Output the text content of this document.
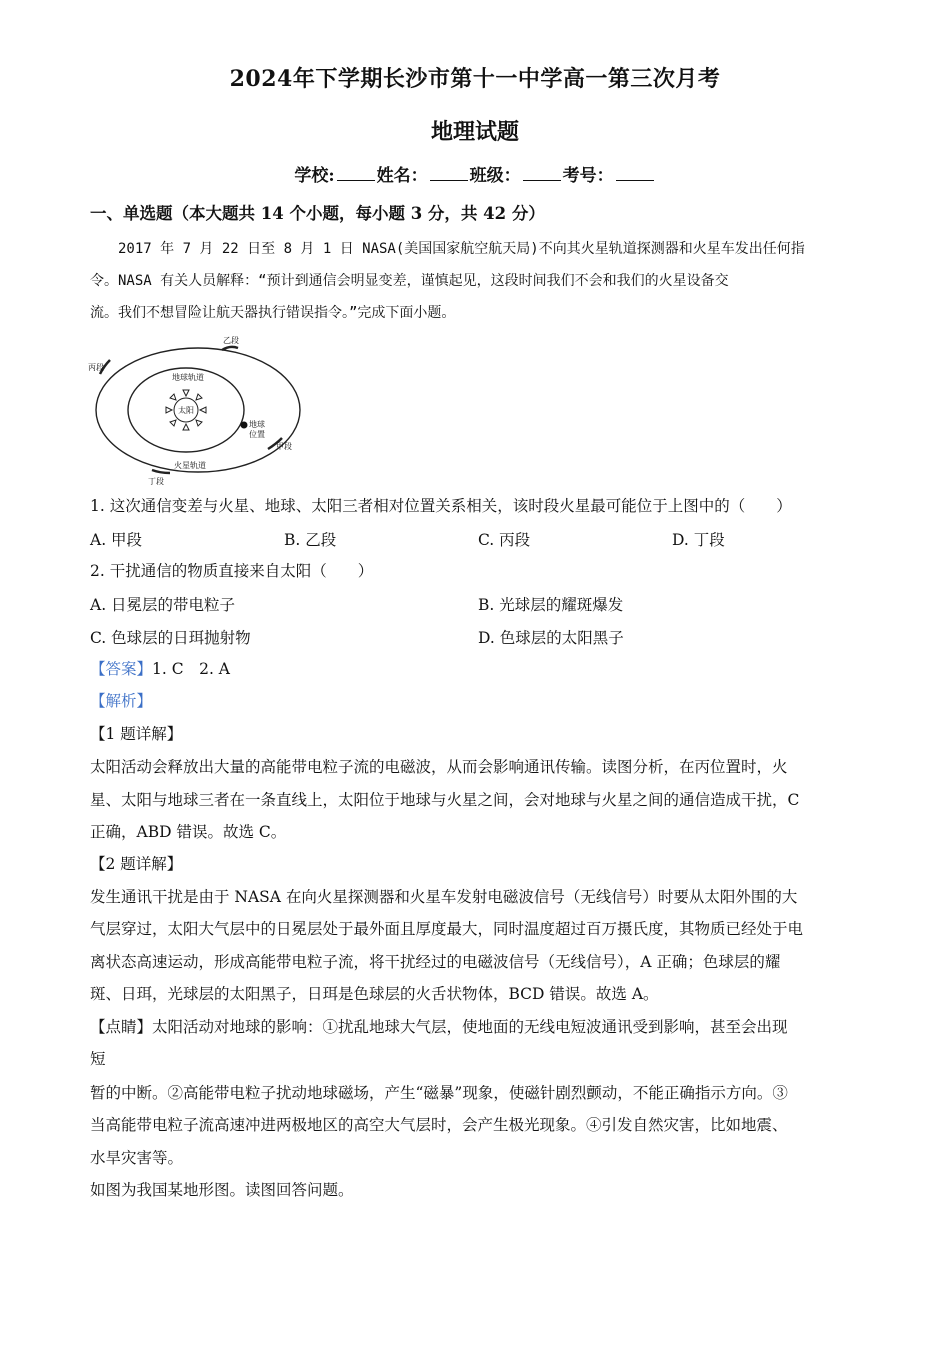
2024年下学期长沙市第十一中学高一第三次月考
地理试题
学校: 姓名： 班级： 考号：
一、单选题（本大题共 14 个小题，每小题 3 分，共 42 分）
2017 年 7 月 22 日至 8 月 1 日 NASA(美国国家航空航天局)不向其火星轨道探测器和火星车发出任何指
令。NASA 有关人员解释：“预计到通信会明显变差，谨慎起见，这段时间我们不会和我们的火星设备交
流。我们不想冒险让航天器执行错误指令。”完成下面小题。
太阳
地球轨道
火星轨道
地球
位置
乙段
丙段
甲段
丁段
1. 这次通信变差与火星、地球、太阳三者相对位置关系相关，该时段火星最可能位于上图中的（　　）
A. 甲段	B. 乙段	C. 丙段	D. 丁段
2. 干扰通信的物质直接来自太阳（　　）
A. 日冕层的带电粒子	B. 光球层的耀斑爆发
C. 色球层的日珥抛射物	D. 色球层的太阳黑子
【答案】1. C　2. A
【解析】
【1 题详解】
太阳活动会释放出大量的高能带电粒子流的电磁波，从而会影响通讯传输。读图分析，在丙位置时，火
星、太阳与地球三者在一条直线上，太阳位于地球与火星之间，会对地球与火星之间的通信造成干扰，C
正确，ABD 错误。故选 C。
【2 题详解】
发生通讯干扰是由于 NASA 在向火星探测器和火星车发射电磁波信号（无线信号）时要从太阳外围的大
气层穿过，太阳大气层中的日冕层处于最外面且厚度最大，同时温度超过百万摄氏度，其物质已经处于电
离状态高速运动，形成高能带电粒子流，将干扰经过的电磁波信号（无线信号），A 正确；色球层的耀
斑、日珥，光球层的太阳黑子，日珥是色球层的火舌状物体，BCD 错误。故选 A。
【点睛】太阳活动对地球的影响：①扰乱地球大气层，使地面的无线电短波通讯受到影响，甚至会出现
短
暂的中断。②高能带电粒子扰动地球磁场，产生“磁暴”现象，使磁针剧烈颤动，不能正确指示方向。③
当高能带电粒子流高速冲进两极地区的高空大气层时，会产生极光现象。④引发自然灾害，比如地震、
水旱灾害等。
如图为我国某地形图。读图回答问题。
